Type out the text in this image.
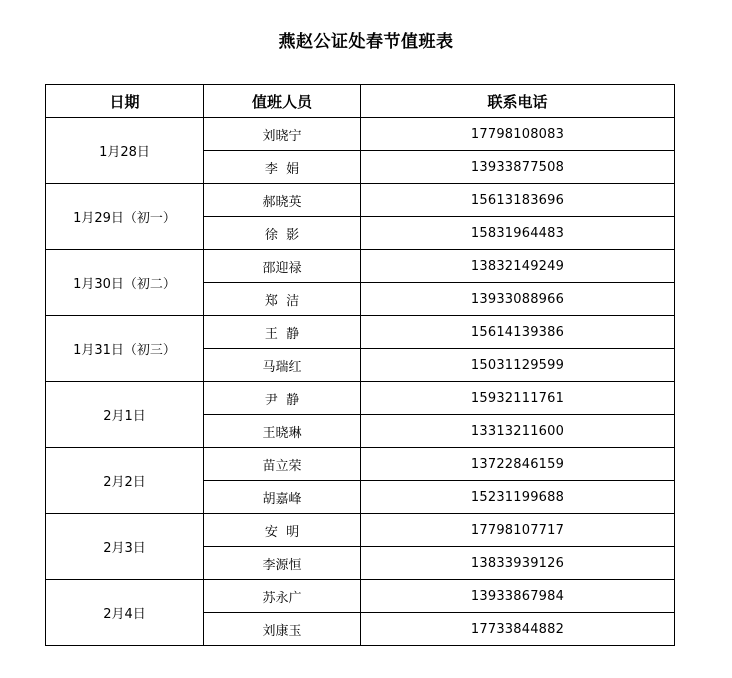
燕赵公证处春节值班表
日期	值班人员	联系电话
1月28日	刘晓宁	17798108083
	李  娟	13933877508
1月29日（初一）	郝晓英	15613183696
	徐  影	15831964483
1月30日（初二）	邵迎禄	13832149249
	郑  洁	13933088966
1月31日（初三）	王  静	15614139386
	马瑞红	15031129599
2月1日	尹  静	15932111761
	王晓琳	13313211600
2月2日	苗立荣	13722846159
	胡嘉峰	15231199688
2月3日	安  明	17798107717
	李源恒	13833939126
2月4日	苏永广	13933867984
	刘康玉	17733844882
